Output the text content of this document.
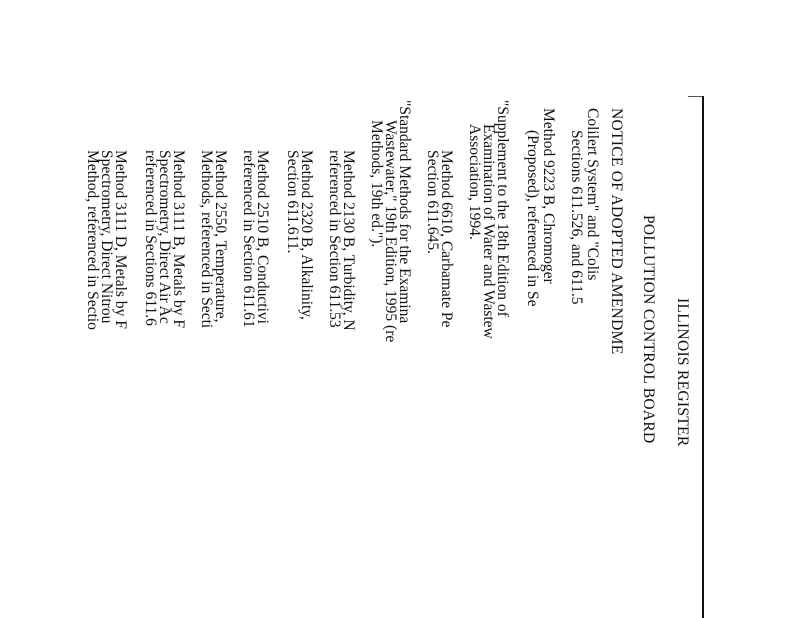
ILLINOIS REGISTER
POLLUTION CONTROL BOARD
NOTICE OF ADOPTED AMENDME
Colilert System" and "Colis
Sections 611.526, and 611.5
Method 9223 B, Chromoger
(Proposed), referenced in Se
"Supplement to the 18th Edition of
Examination of Water and Wastew
Association, 1994.
Method 6610, Carbamate Pe
Section 611.645.
"Standard Methods for the Examina
Wastewater," 19th Edition, 1995 (re
Methods, 19th ed.").
Method 2130 B, Turbidity, N
referenced in Section 611.53
Method 2320 B, Alkalinity,
Section 611.611.
Method 2510 B, Conductivi
referenced in Section 611.61
Method 2550, Temperature,
Methods, referenced in Secti
Method 3111 B, Metals by F
Spectrometry, Direct Air Ac
referenced in Sections 611.6
Method 3111 D, Metals by F
Spectrometry, Direct Nitrou
Method, referenced in Sectio
